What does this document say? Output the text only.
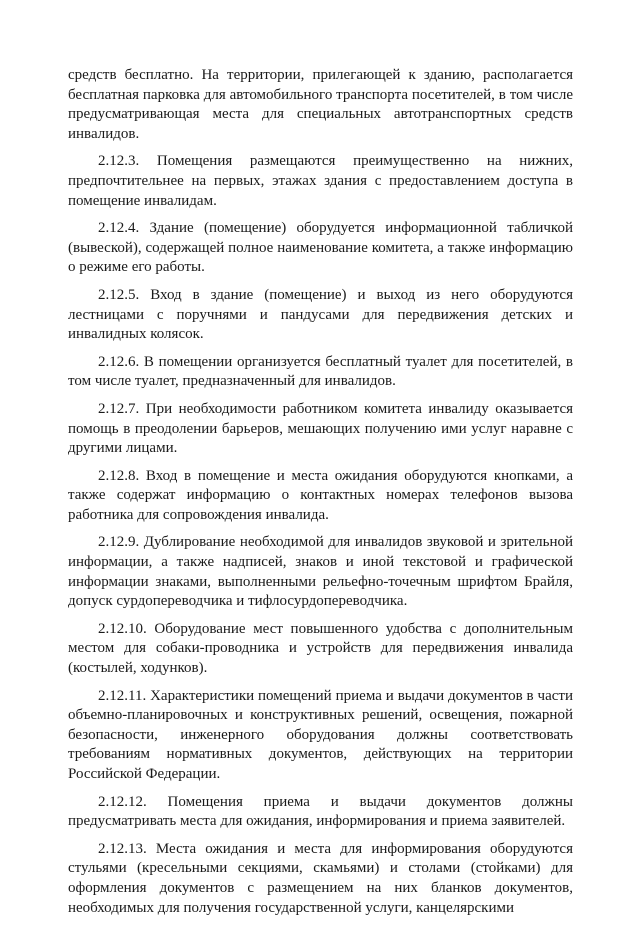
средств бесплатно. На территории, прилегающей к зданию, располагается бесплатная парковка для автомобильного транспорта посетителей, в том числе предусматривающая места для специальных автотранспортных средств инвалидов.

2.12.3. Помещения размещаются преимущественно на нижних, предпочтительнее на первых, этажах здания с предоставлением доступа в помещение инвалидам.

2.12.4. Здание (помещение) оборудуется информационной табличкой (вывеской), содержащей полное наименование комитета, а также информацию о режиме его работы.

2.12.5. Вход в здание (помещение) и выход из него оборудуются лестницами с поручнями и пандусами для передвижения детских и инвалидных колясок.

2.12.6. В помещении организуется бесплатный туалет для посетителей, в том числе туалет, предназначенный для инвалидов.

2.12.7. При необходимости работником комитета инвалиду оказывается помощь в преодолении барьеров, мешающих получению ими услуг наравне с другими лицами.

2.12.8. Вход в помещение и места ожидания оборудуются кнопками, а также содержат информацию о контактных номерах телефонов вызова работника для сопровождения инвалида.

2.12.9. Дублирование необходимой для инвалидов звуковой и зрительной информации, а также надписей, знаков и иной текстовой и графической информации знаками, выполненными рельефно-точечным шрифтом Брайля, допуск сурдопереводчика и тифлосурдопереводчика.

2.12.10. Оборудование мест повышенного удобства с дополнительным местом для собаки-проводника и устройств для передвижения инвалида (костылей, ходунков).

2.12.11. Характеристики помещений приема и выдачи документов в части объемно-планировочных и конструктивных решений, освещения, пожарной безопасности, инженерного оборудования должны соответствовать требованиям нормативных документов, действующих на территории Российской Федерации.

2.12.12. Помещения приема и выдачи документов должны предусматривать места для ожидания, информирования и приема заявителей.

2.12.13. Места ожидания и места для информирования оборудуются стульями (кресельными секциями, скамьями) и столами (стойками) для оформления документов с размещением на них бланков документов, необходимых для получения государственной услуги, канцелярскими
